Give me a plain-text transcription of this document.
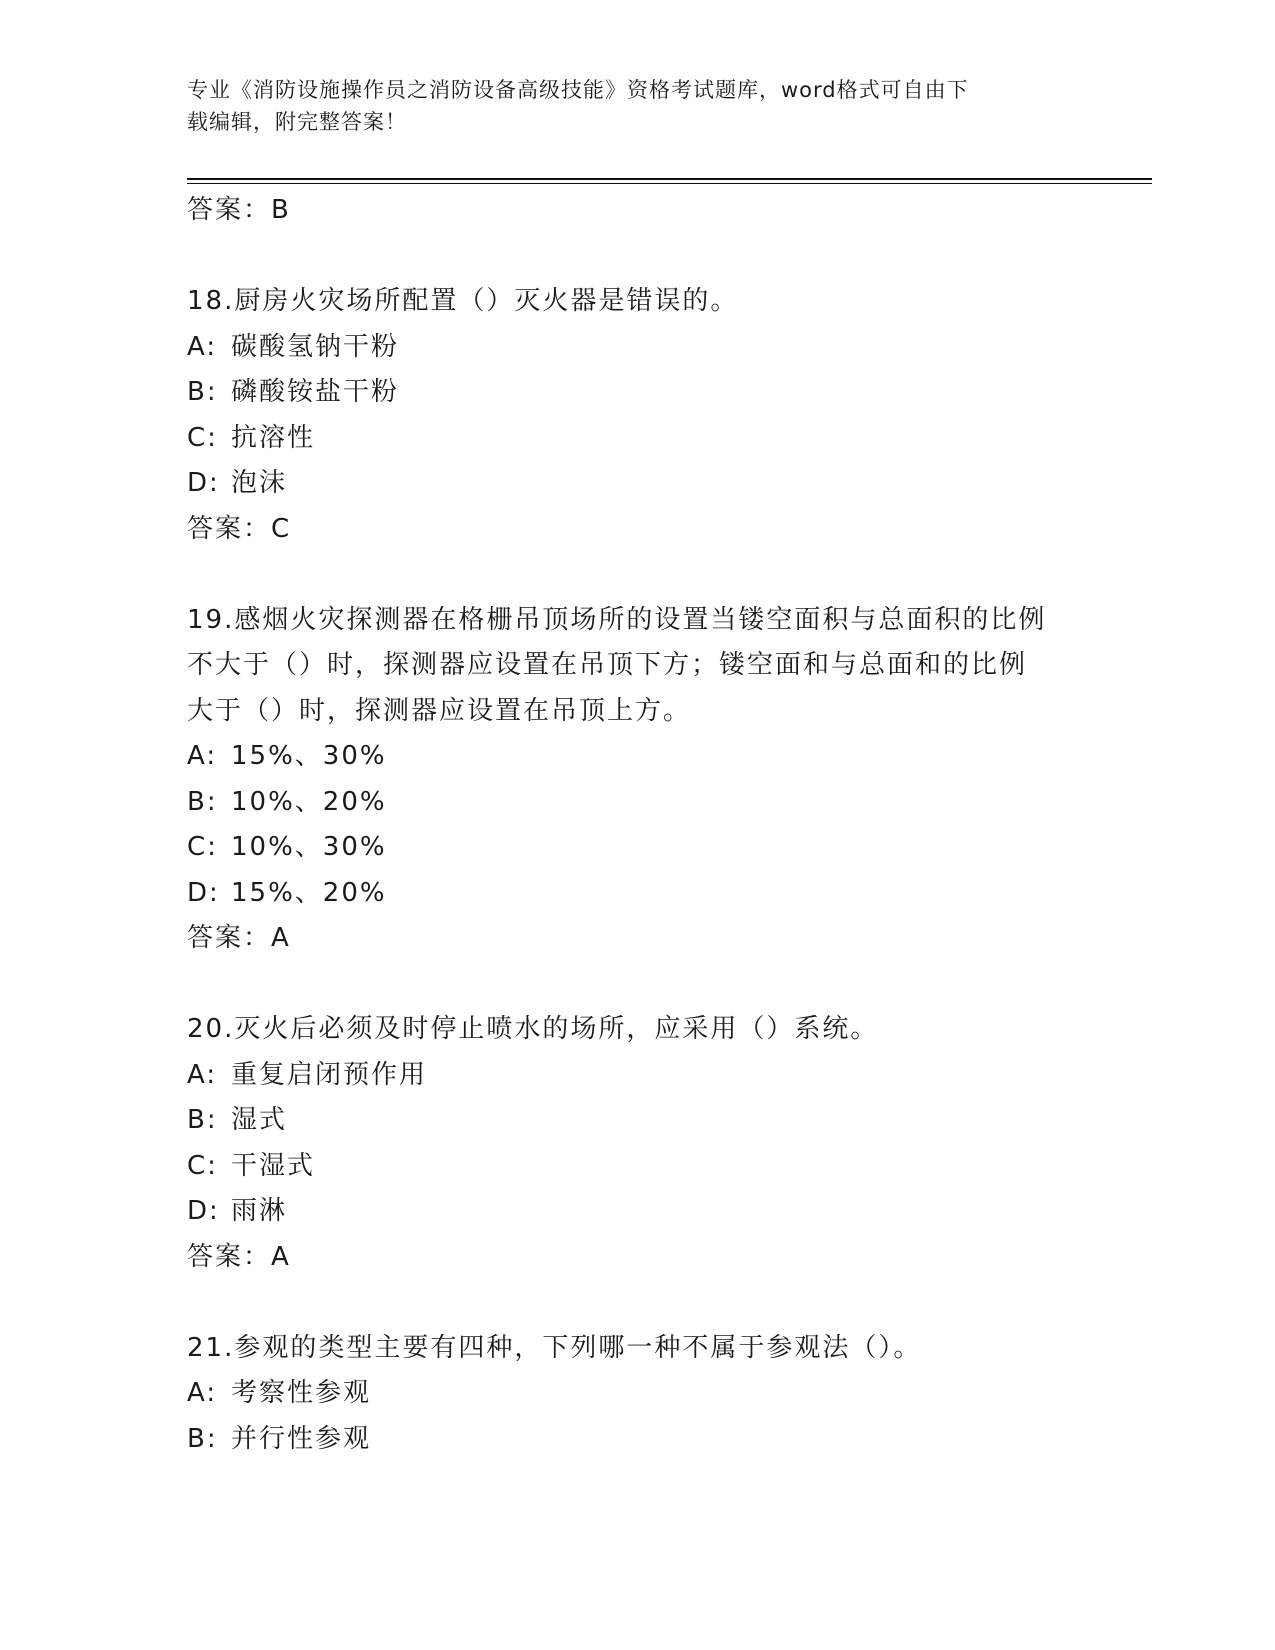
专业《消防设施操作员之消防设备高级技能》资格考试题库，word格式可自由下
载编辑，附完整答案！
答案：B
18.厨房火灾场所配置（）灭火器是错误的。
A: 碳酸氢钠干粉
B: 磷酸铵盐干粉
C: 抗溶性
D: 泡沫
答案：C
19.感烟火灾探测器在格栅吊顶场所的设置当镂空面积与总面积的比例
不大于（）时，探测器应设置在吊顶下方；镂空面和与总面和的比例
大于（）时，探测器应设置在吊顶上方。
A: 15%、30%
B: 10%、20%
C: 10%、30%
D: 15%、20%
答案：A
20.灭火后必须及时停止喷水的场所，应采用（）系统。
A: 重复启闭预作用
B: 湿式
C: 干湿式
D: 雨淋
答案：A
21.参观的类型主要有四种，下列哪一种不属于参观法（）。
A: 考察性参观
B: 并行性参观
